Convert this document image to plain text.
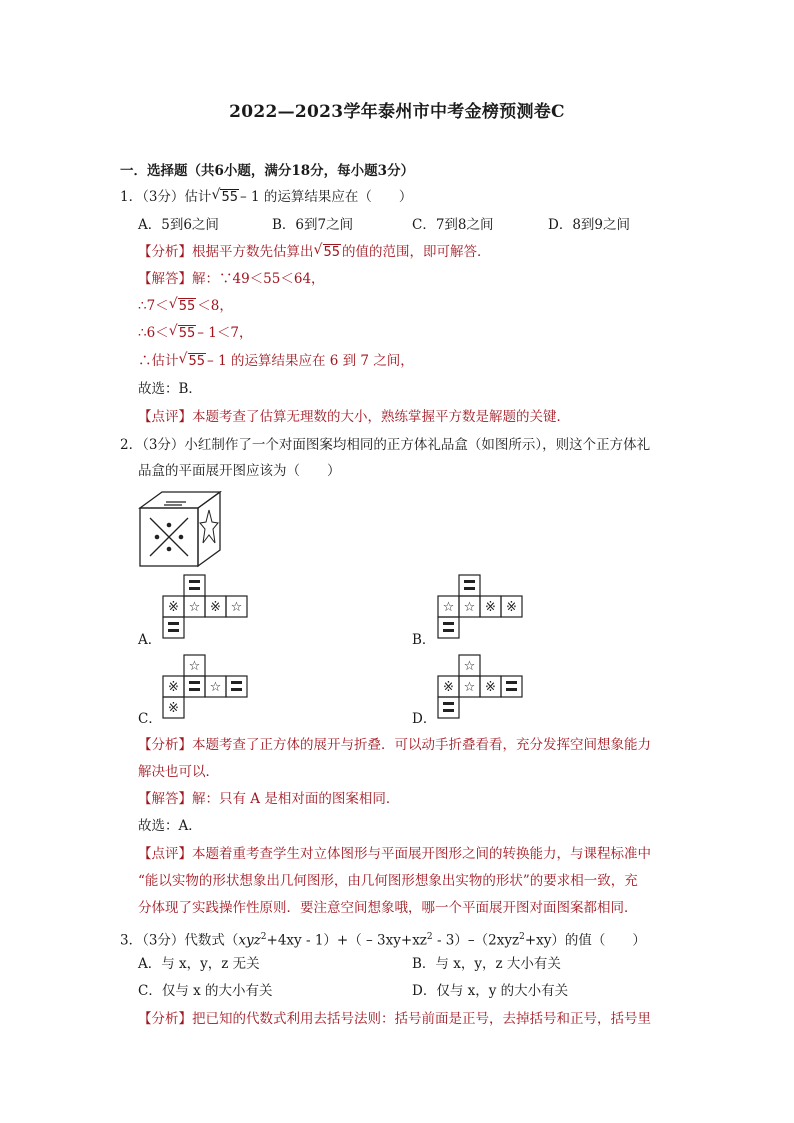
2022—2023学年泰州市中考金榜预测卷C
一．选择题（共6小题，满分18分，每小题3分）
1．（3分）估计 √ 55 – 1 的运算结果应在（　　）
A．5到6之间	B．6到7之间	C．7到8之间	D．8到9之间
【分析】根据平方数先估算出 √ 55 的值的范围，即可解答．
【解答】解：∵49＜55＜64，
∴7＜ √ 55 ＜8，
∴6＜ √ 55 – 1＜7，
∴估计 √ 55 – 1 的运算结果应在 6 到 7 之间，
故选：B．
【点评】本题考查了估算无理数的大小，熟练掌握平方数是解题的关键．
2．（3分）小红制作了一个对面图案均相同的正方体礼品盒（如图所示），则这个正方体礼
品盒的平面展开图应该为（　　）
A．
※ ☆ ※ ☆
B．
☆ ☆ ※ ※
C．
☆
※ ☆
※
D．
☆
※ ☆ ※
【分析】本题考查了正方体的展开与折叠．可以动手折叠看看，充分发挥空间想象能力
解决也可以．
【解答】解：只有 A 是相对面的图案相同．
故选：A．
【点评】本题着重考查学生对立体图形与平面展开图形之间的转换能力，与课程标准中
“能以实物的形状想象出几何图形，由几何图形想象出实物的形状”的要求相一致，充
分体现了实践操作性原则．要注意空间想象哦，哪一个平面展开图对面图案都相同．
3．（3分）代数式$(xyz^2+4xy - 1)+( - 3xy+xz^2 - 3)-(2xyz^2+xy)$的值（　　）
A．与 x，y，z 无关	B．与 x，y，z 大小有关
C．仅与 x 的大小有关	D．仅与 x，y 的大小有关
【分析】把已知的代数式利用去括号法则：括号前面是正号，去掉括号和正号，括号里
